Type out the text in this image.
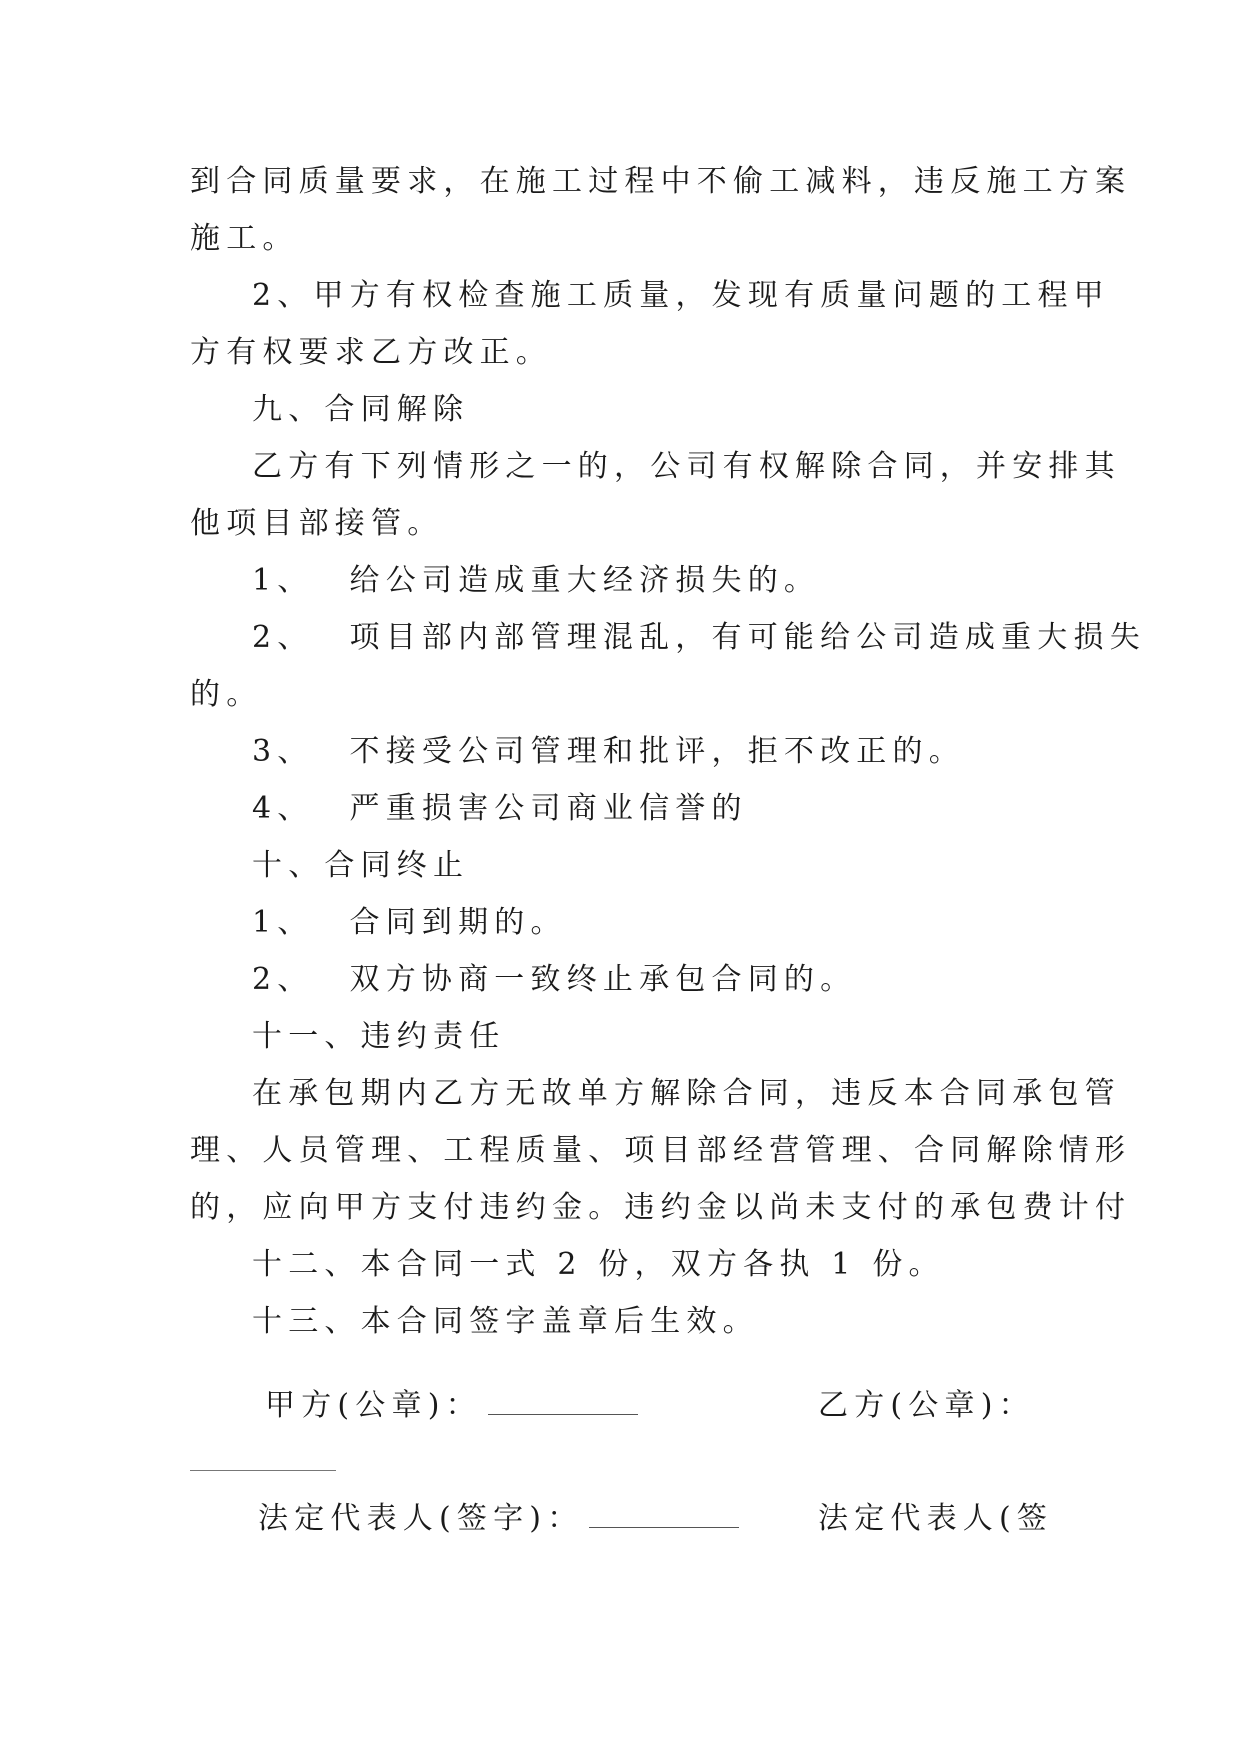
到合同质量要求，在施工过程中不偷工减料，违反施工方案
施工。
2、甲方有权检查施工质量，发现有质量问题的工程甲
方有权要求乙方改正。
九、合同解除
乙方有下列情形之一的，公司有权解除合同，并安排其
他项目部接管。
1、 给公司造成重大经济损失的。
2、 项目部内部管理混乱，有可能给公司造成重大损失
的。
3、 不接受公司管理和批评，拒不改正的。
4、 严重损害公司商业信誉的
十、合同终止
1、 合同到期的。
2、 双方协商一致终止承包合同的。
十一、违约责任
在承包期内乙方无故单方解除合同，违反本合同承包管
理、人员管理、工程质量、项目部经营管理、合同解除情形
的，应向甲方支付违约金。违约金以尚未支付的承包费计付
十二、本合同一式 2 份，双方各执 1 份。
十三、本合同签字盖章后生效。
甲方(公章)：	乙方(公章)：
法定代表人(签字)：	法定代表人(签
